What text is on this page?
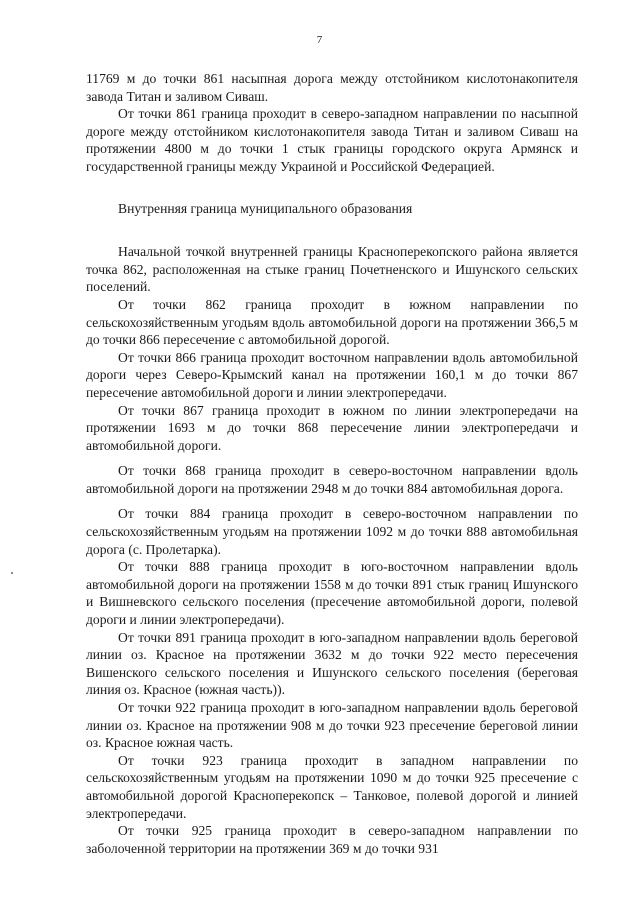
7

11769 м до точки 861 насыпная дорога между отстойником кислотонакопителя завода Титан и заливом Сиваш.

От точки 861 граница проходит в северо-западном направлении по насыпной дороге между отстойником кислотонакопителя завода Титан и заливом Сиваш на протяжении 4800 м до точки 1 стык границы городского округа Армянск и государственной границы между Украиной и Российской Федерацией.

Внутренняя граница муниципального образования

Начальной точкой внутренней границы Красноперекопского района является точка 862, расположенная на стыке границ Почетненского и Ишунского сельских поселений.

От точки 862 граница проходит в южном направлении по сельскохозяйственным угодьям вдоль автомобильной дороги на протяжении 366,5 м до точки 866 пересечение с автомобильной дорогой.

От точки 866 граница проходит восточном направлении вдоль автомобильной дороги через Северо-Крымский канал на протяжении 160,1 м до точки 867 пересечение автомобильной дороги и линии электропередачи.

От точки 867 граница проходит в южном по линии электропередачи на протяжении 1693 м до точки 868 пересечение линии электропередачи и автомобильной дороги.

От точки 868 граница проходит в северо-восточном направлении вдоль автомобильной дороги на протяжении 2948 м до точки 884 автомобильная дорога.

От точки 884 граница проходит в северо-восточном направлении по сельскохозяйственным угодьям на протяжении 1092 м до точки 888 автомобильная дорога (с. Пролетарка).

От точки 888 граница проходит в юго-восточном направлении вдоль автомобильной дороги на протяжении 1558 м до точки 891 стык границ Ишунского и Вишневского сельского поселения (пресечение автомобильной дороги, полевой дороги и линии электропередачи).

От точки 891 граница проходит в юго-западном направлении вдоль береговой линии оз. Красное на протяжении 3632 м до точки 922 место пересечения Вишенского сельского поселения и Ишунского сельского поселения (береговая линия оз. Красное (южная часть)).

От точки 922 граница проходит в юго-западном направлении вдоль береговой линии оз. Красное на протяжении 908 м до точки 923 пресечение береговой линии оз. Красное южная часть.

От точки 923 граница проходит в западном направлении по сельскохозяйственным угодьям на протяжении 1090 м до точки 925 пресечение с автомобильной дорогой Красноперекопск – Танковое, полевой дорогой и линией электропередачи.

От точки 925 граница проходит в северо-западном направлении по заболоченной территории на протяжении 369 м до точки 931
